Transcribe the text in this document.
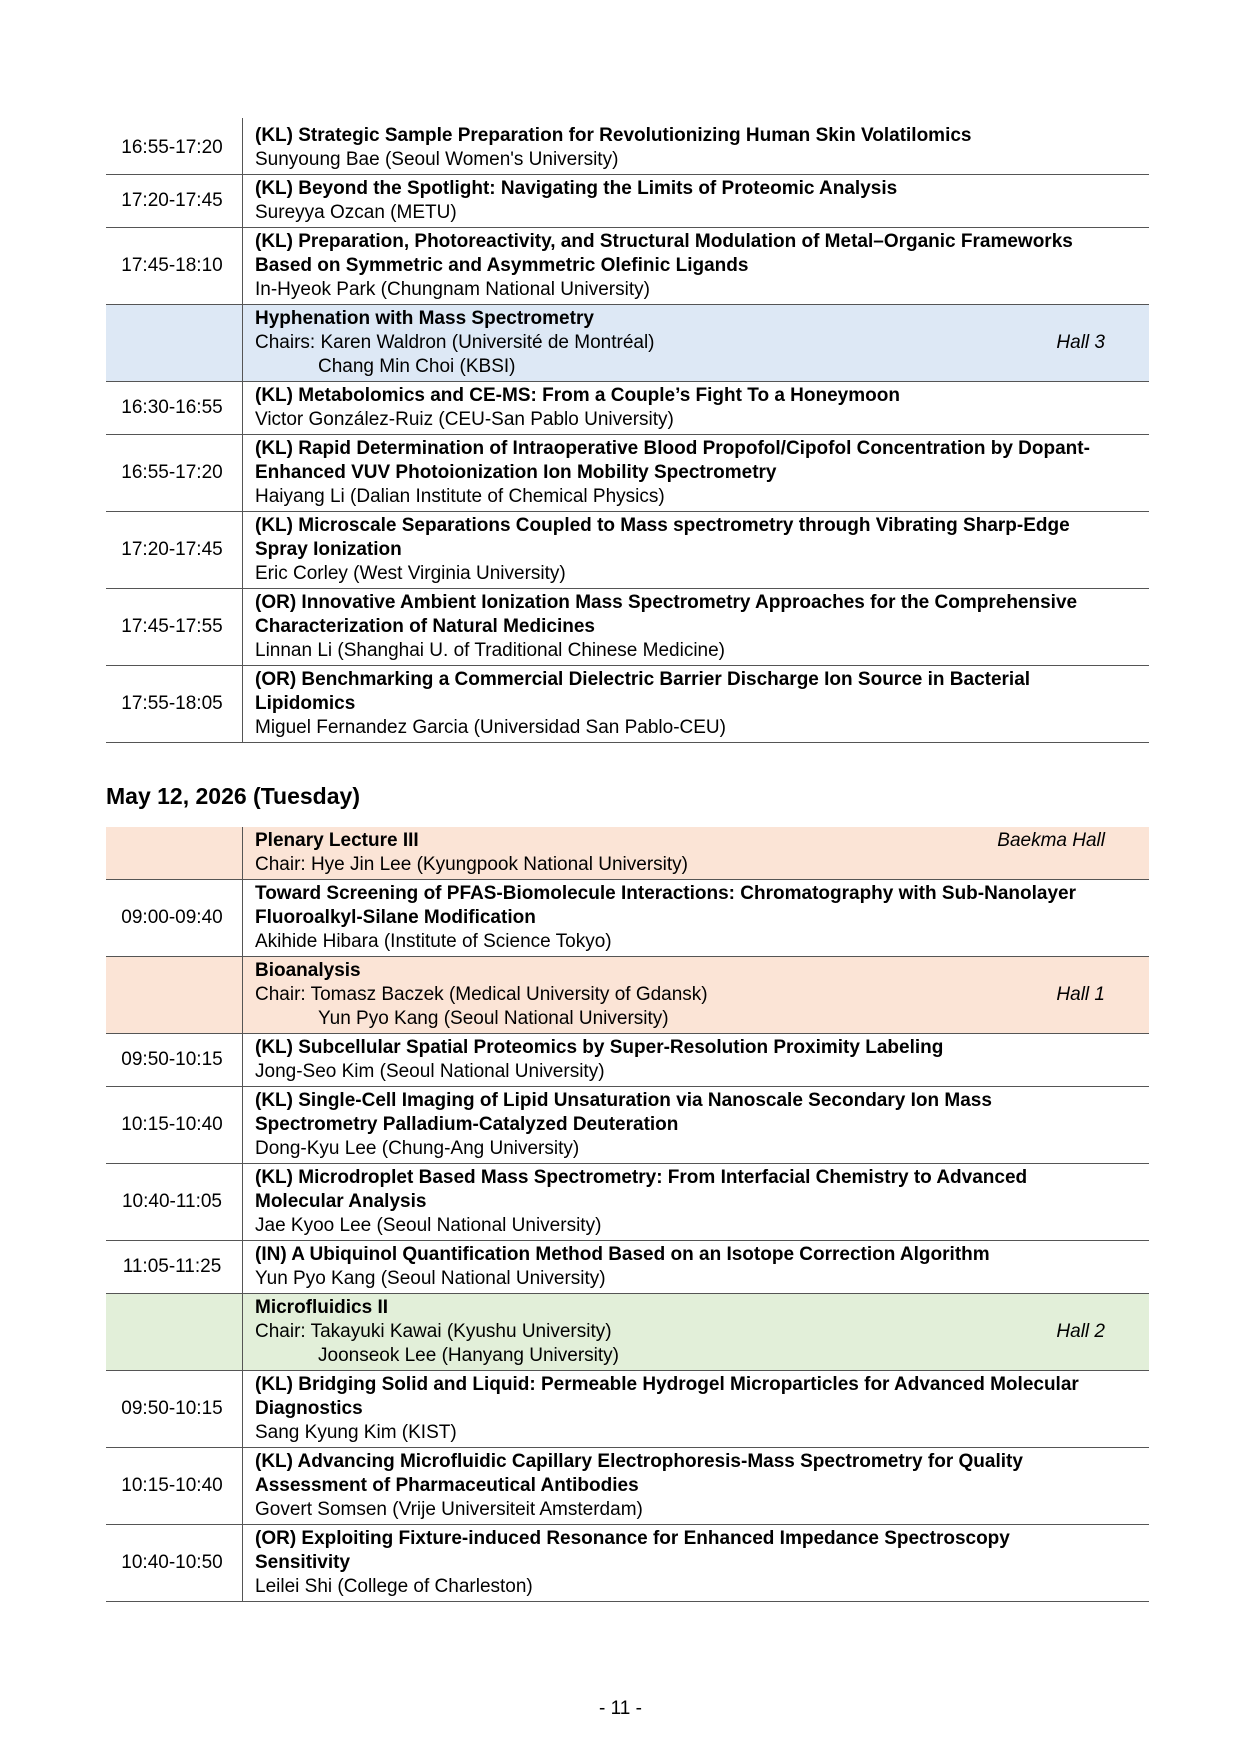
16:55-17:20	(KL) Strategic Sample Preparation for Revolutionizing Human Skin Volatilomics
Sunyoung Bae (Seoul Women's University)

17:20-17:45	(KL) Beyond the Spotlight: Navigating the Limits of Proteomic Analysis
Sureyya Ozcan (METU)

17:45-18:10	(KL) Preparation, Photoreactivity, and Structural Modulation of Metal–Organic Frameworks Based on Symmetric and Asymmetric Olefinic Ligands
In-Hyeok Park (Chungnam National University)

	Hyphenation with Mass Spectrometry
Chairs: Karen Waldron (Université de Montréal) Hall 3
Chang Min Choi (KBSI)

16:30-16:55	(KL) Metabolomics and CE-MS: From a Couple’s Fight To a Honeymoon
Victor González-Ruiz (CEU-San Pablo University)

16:55-17:20	(KL) Rapid Determination of Intraoperative Blood Propofol/Cipofol Concentration by Dopant-Enhanced VUV Photoionization Ion Mobility Spectrometry
Haiyang Li (Dalian Institute of Chemical Physics)

17:20-17:45	(KL) Microscale Separations Coupled to Mass spectrometry through Vibrating Sharp-Edge Spray Ionization
Eric Corley (West Virginia University)

17:45-17:55	(OR) Innovative Ambient Ionization Mass Spectrometry Approaches for the Comprehensive Characterization of Natural Medicines
Linnan Li (Shanghai U. of Traditional Chinese Medicine)

17:55-18:05	(OR) Benchmarking a Commercial Dielectric Barrier Discharge Ion Source in Bacterial Lipidomics
Miguel Fernandez Garcia (Universidad San Pablo-CEU)
May 12, 2026 (Tuesday)

	Plenary Lecture III Baekma Hall
Chair: Hye Jin Lee (Kyungpook National University)

09:00-09:40	Toward Screening of PFAS-Biomolecule Interactions: Chromatography with Sub-Nanolayer Fluoroalkyl-Silane Modification
Akihide Hibara (Institute of Science Tokyo)

	Bioanalysis
Chair: Tomasz Baczek (Medical University of Gdansk) Hall 1
Yun Pyo Kang (Seoul National University)

09:50-10:15	(KL) Subcellular Spatial Proteomics by Super-Resolution Proximity Labeling
Jong-Seo Kim (Seoul National University)

10:15-10:40	(KL) Single-Cell Imaging of Lipid Unsaturation via Nanoscale Secondary Ion Mass Spectrometry Palladium-Catalyzed Deuteration
Dong-Kyu Lee (Chung-Ang University)

10:40-11:05	(KL) Microdroplet Based Mass Spectrometry: From Interfacial Chemistry to Advanced Molecular Analysis
Jae Kyoo Lee (Seoul National University)

11:05-11:25	(IN) A Ubiquinol Quantification Method Based on an Isotope Correction Algorithm
Yun Pyo Kang (Seoul National University)

	Microfluidics II
Chair: Takayuki Kawai (Kyushu University) Hall 2
Joonseok Lee (Hanyang University)

09:50-10:15	(KL) Bridging Solid and Liquid: Permeable Hydrogel Microparticles for Advanced Molecular Diagnostics
Sang Kyung Kim (KIST)

10:15-10:40	(KL) Advancing Microfluidic Capillary Electrophoresis-Mass Spectrometry for Quality Assessment of Pharmaceutical Antibodies
Govert Somsen (Vrije Universiteit Amsterdam)

10:40-10:50	(OR) Exploiting Fixture-induced Resonance for Enhanced Impedance Spectroscopy Sensitivity
Leilei Shi (College of Charleston)
- 11 -
